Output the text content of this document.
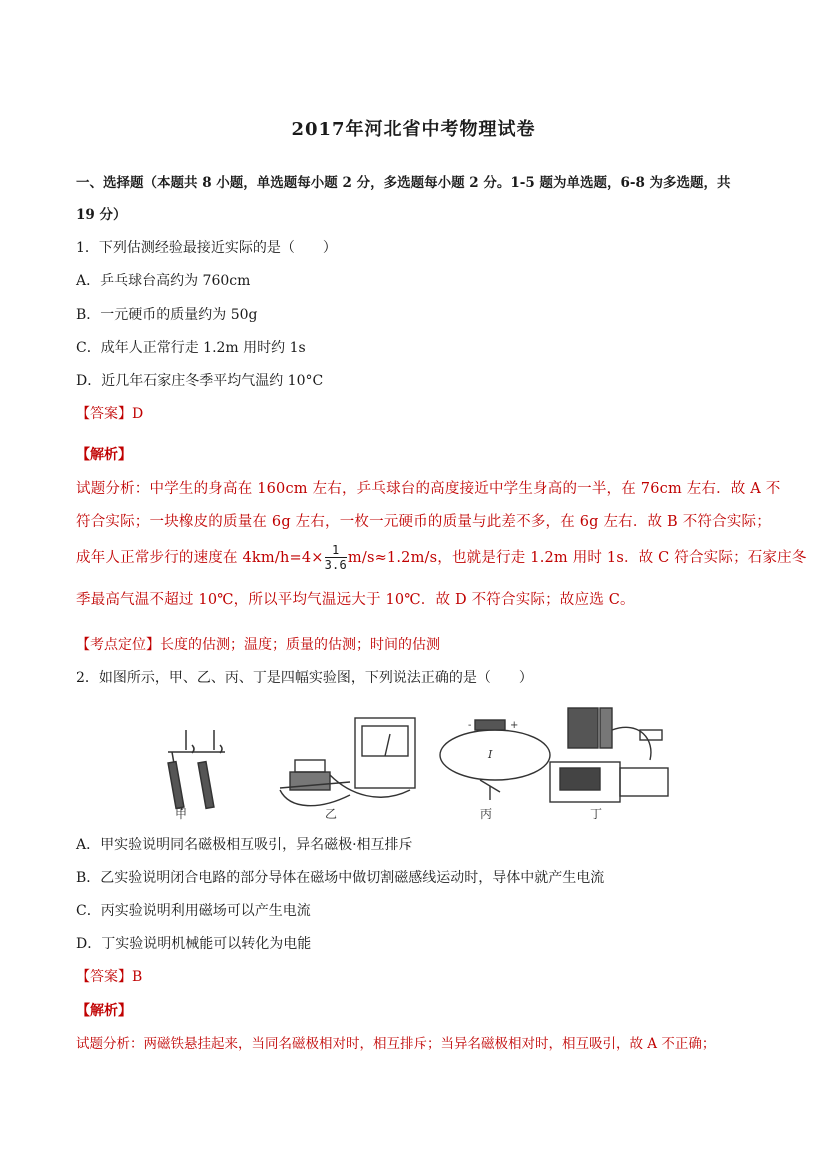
2017年河北省中考物理试卷
一、选择题（本题共 8 小题，单选题每小题 2 分，多选题每小题 2 分。1-5 题为单选题，6-8 为多选题，共
19 分）
1．下列估测经验最接近实际的是（　　）
A．乒乓球台高约为 760cm
B．一元硬币的质量约为 50g
C．成年人正常行走 1.2m 用时约 1s
D．近几年石家庄冬季平均气温约 10°C
【答案】D
【解析】
试题分析：中学生的身高在 160cm 左右，乒乓球台的高度接近中学生身高的一半，在 76cm 左右．故 A 不
符合实际；一块橡皮的质量在 6g 左右，一枚一元硬币的质量与此差不多，在 6g 左右．故 B 不符合实际；
成年人正常步行的速度在 $4km/h=4\times \frac{1}{3.6} m/s\approx 1.2m/s$，也就是行走 1.2m 用时 1s．故 C 符合实际；石家庄冬
季最高气温不超过 10℃，所以平均气温远大于 10℃．故 D 不符合实际；故应选 C。
【考点定位】长度的估测；温度；质量的估测；时间的估测
2．如图所示，甲、乙、丙、丁是四幅实验图，下列说法正确的是（　　）
甲	乙
-	+
I
丙	丁
A．甲实验说明同名磁极相互吸引，异名磁极·相互排斥
B．乙实验说明闭合电路的部分导体在磁场中做切割磁感线运动时，导体中就产生电流
C．丙实验说明利用磁场可以产生电流
D．丁实验说明机械能可以转化为电能
【答案】B
【解析】
试题分析：两磁铁悬挂起来，当同名磁极相对时，相互排斥；当异名磁极相对时，相互吸引，故 A 不正确；
